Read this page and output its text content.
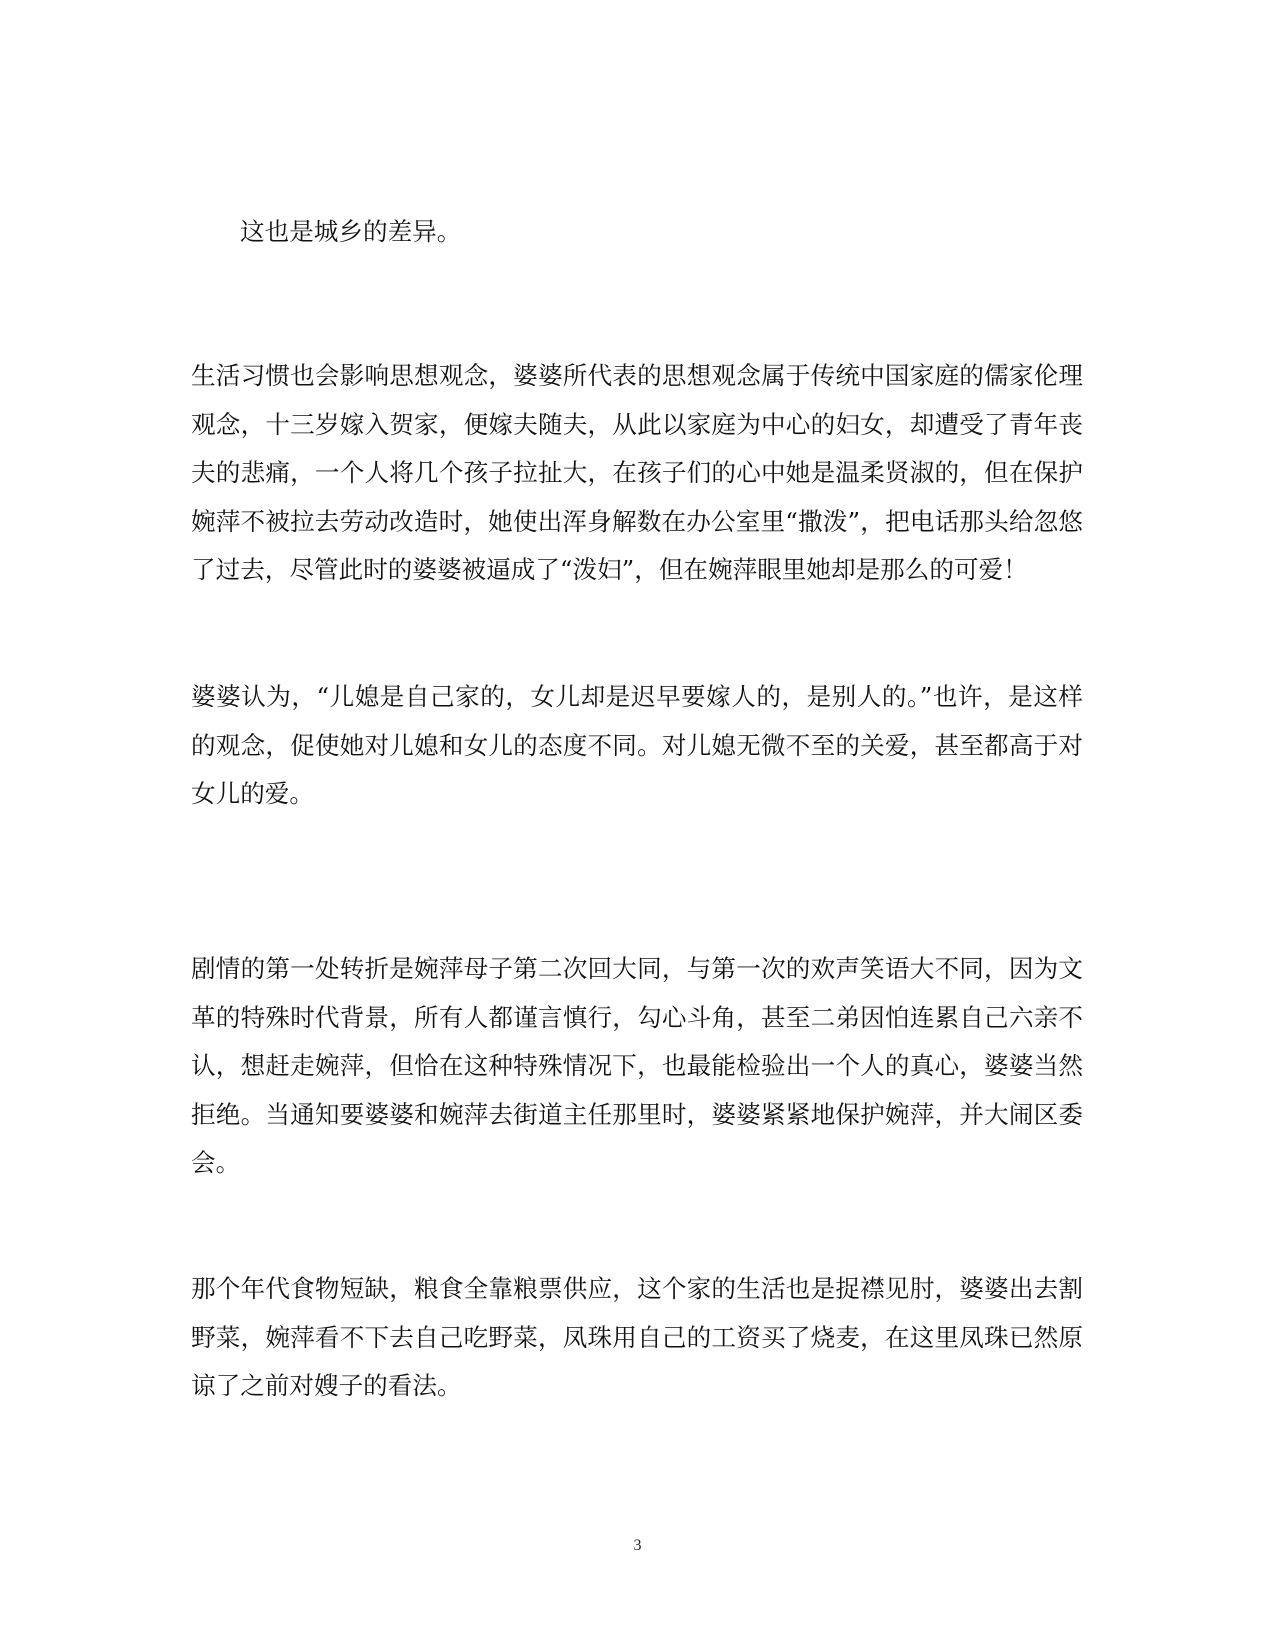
这也是城乡的差异。

生活习惯也会影响思想观念，婆婆所代表的思想观念属于传统中国家庭的儒家伦理观念，十三岁嫁入贺家，便嫁夫随夫，从此以家庭为中心的妇女，却遭受了青年丧夫的悲痛，一个人将几个孩子拉扯大，在孩子们的心中她是温柔贤淑的，但在保护婉萍不被拉去劳动改造时，她使出浑身解数在办公室里“撒泼”，把电话那头给忽悠了过去，尽管此时的婆婆被逼成了“泼妇”，但在婉萍眼里她却是那么的可爱！

婆婆认为，“儿媳是自己家的，女儿却是迟早要嫁人的，是别人的。”也许，是这样的观念，促使她对儿媳和女儿的态度不同。对儿媳无微不至的关爱，甚至都高于对女儿的爱。

剧情的第一处转折是婉萍母子第二次回大同，与第一次的欢声笑语大不同，因为文革的特殊时代背景，所有人都谨言慎行，勾心斗角，甚至二弟因怕连累自己六亲不认，想赶走婉萍，但恰在这种特殊情况下，也最能检验出一个人的真心，婆婆当然拒绝。当通知要婆婆和婉萍去街道主任那里时，婆婆紧紧地保护婉萍，并大闹区委会。

那个年代食物短缺，粮食全靠粮票供应，这个家的生活也是捉襟见肘，婆婆出去割野菜，婉萍看不下去自己吃野菜，凤珠用自己的工资买了烧麦，在这里凤珠已然原谅了之前对嫂子的看法。

3
